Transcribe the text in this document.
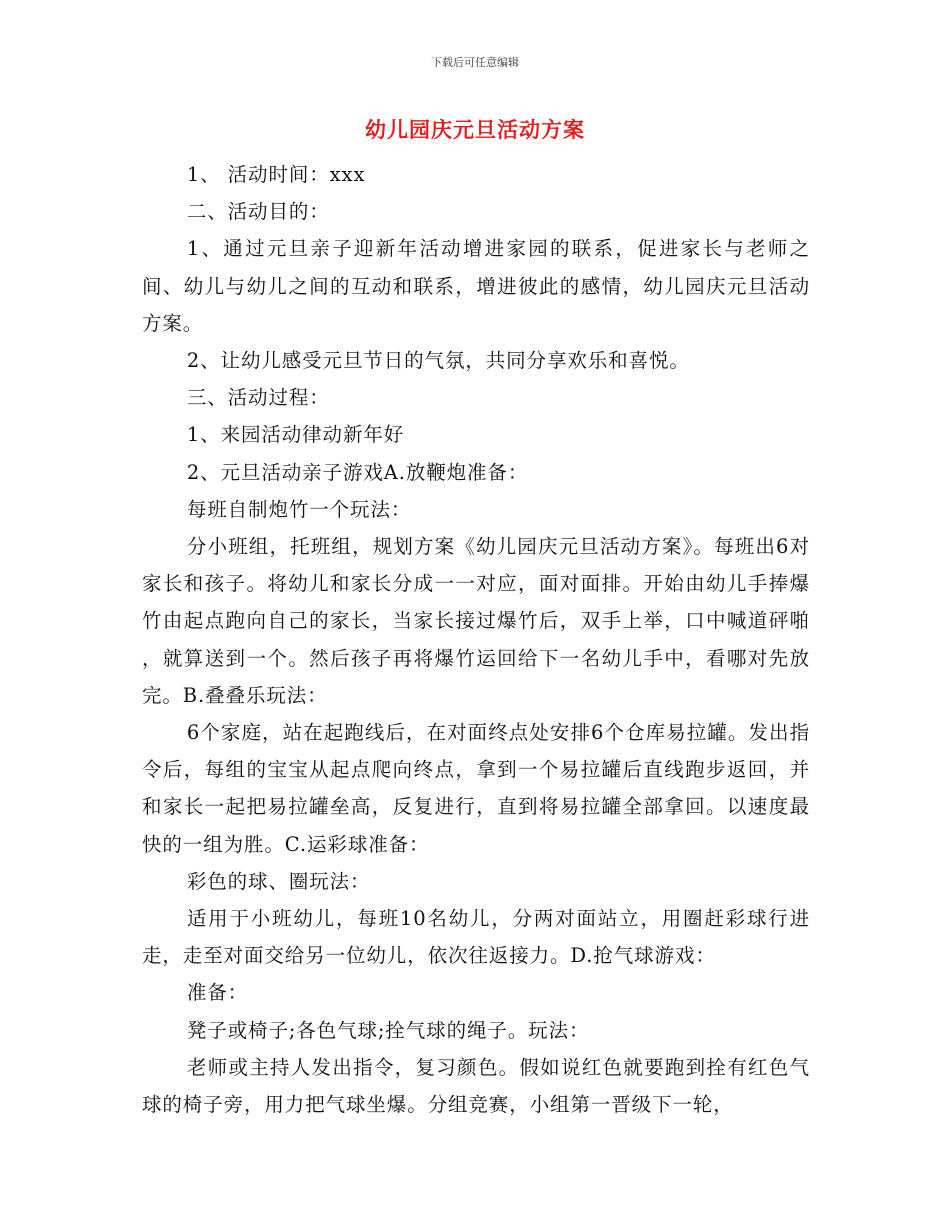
下载后可任意编辑
幼儿园庆元旦活动方案

1、 活动时间：xxx

二、活动目的：

1、通过元旦亲子迎新年活动增进家园的联系，促进家长与老师之间、幼儿与幼儿之间的互动和联系，增进彼此的感情，幼儿园庆元旦活动方案。

2、让幼儿感受元旦节日的气氛，共同分享欢乐和喜悦。

三、活动过程：

1、来园活动律动新年好

2、元旦活动亲子游戏A.放鞭炮准备：

每班自制炮竹一个玩法：

分小班组，托班组，规划方案《幼儿园庆元旦活动方案》。每班出6对家长和孩子。将幼儿和家长分成一一对应，面对面排。开始由幼儿手捧爆竹由起点跑向自己的家长，当家长接过爆竹后，双手上举，口中喊道砰啪 ，就算送到一个。然后孩子再将爆竹运回给下一名幼儿手中，看哪对先放完。B.叠叠乐玩法：

6个家庭，站在起跑线后，在对面终点处安排6个仓库易拉罐。发出指令后，每组的宝宝从起点爬向终点，拿到一个易拉罐后直线跑步返回，并和家长一起把易拉罐垒高，反复进行，直到将易拉罐全部拿回。以速度最快的一组为胜。C.运彩球准备：

彩色的球、圈玩法：

适用于小班幼儿，每班10名幼儿，分两对面站立，用圈赶彩球行进走，走至对面交给另一位幼儿，依次往返接力。D.抢气球游戏：

准备：

凳子或椅子;各色气球;拴气球的绳子。玩法：

老师或主持人发出指令，复习颜色。假如说红色就要跑到拴有红色气球的椅子旁，用力把气球坐爆。分组竞赛，小组第一晋级下一轮，
